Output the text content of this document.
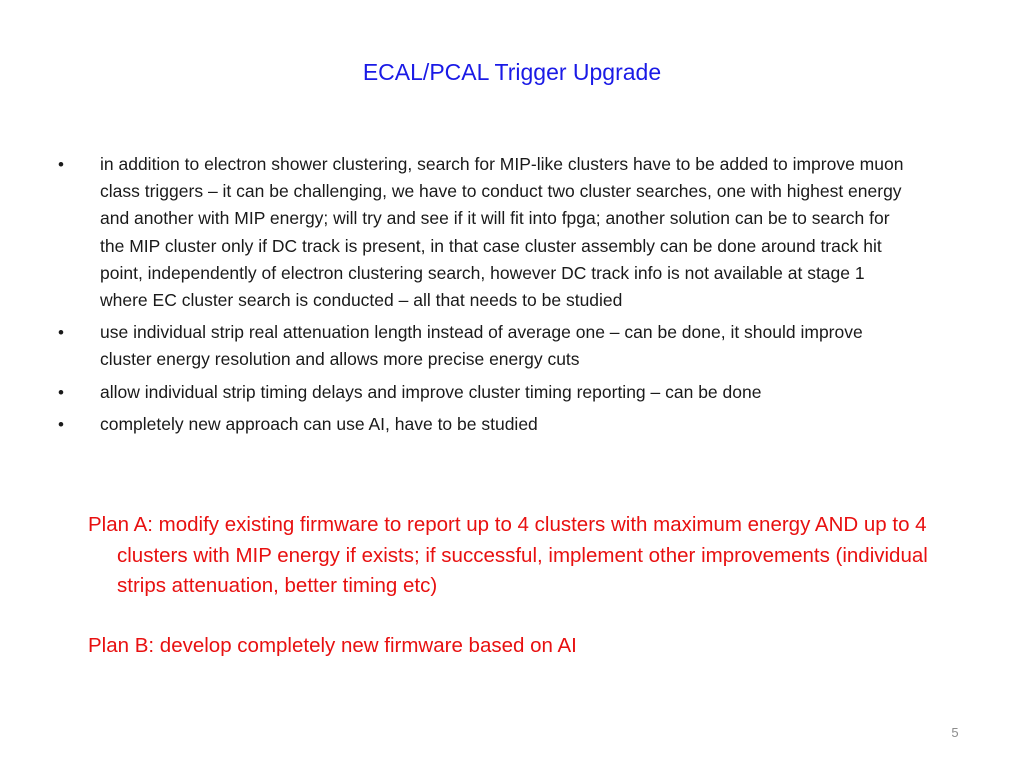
ECAL/PCAL Trigger Upgrade
• in addition to electron shower clustering, search for MIP-like clusters have to be added to improve muon class triggers – it can be challenging, we have to conduct two cluster searches, one with highest energy and another with MIP energy; will try and see if it will fit into fpga; another solution can be to search for the MIP cluster only if DC track is present, in that case cluster assembly can be done around track hit point, independently of electron clustering search, however DC track info is not available at stage 1 where EC cluster search is conducted – all that needs to be studied
• use individual strip real attenuation length instead of average one – can be done, it should improve cluster energy resolution and allows more precise energy cuts
• allow individual strip timing delays and improve cluster timing reporting – can be done
• completely new approach can use AI, have to be studied
Plan A: modify existing firmware to report up to 4 clusters with maximum energy AND up to 4 clusters with MIP energy if exists; if successful, implement other improvements (individual strips attenuation, better timing etc)
Plan B: develop completely new firmware based on AI
5
